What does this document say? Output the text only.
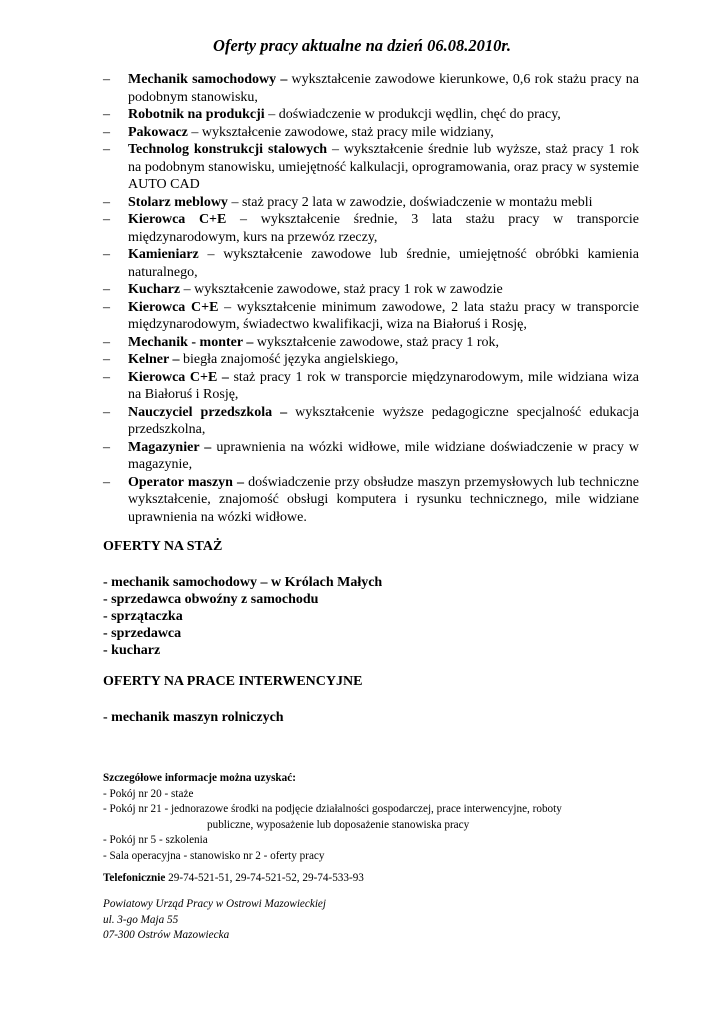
Oferty pracy aktualne na dzień 06.08.2010r.
– Mechanik samochodowy – wykształcenie zawodowe kierunkowe, 0,6 rok stażu pracy na podobnym stanowisku,
– Robotnik na produkcji – doświadczenie w produkcji wędlin, chęć do pracy,
– Pakowacz – wykształcenie zawodowe, staż pracy mile widziany,
– Technolog konstrukcji stalowych – wykształcenie średnie lub wyższe, staż pracy 1 rok na podobnym stanowisku, umiejętność kalkulacji, oprogramowania, oraz pracy w systemie AUTO CAD
– Stolarz meblowy – staż pracy 2 lata w zawodzie, doświadczenie w montażu mebli
– Kierowca C+E – wykształcenie średnie, 3 lata stażu pracy w transporcie międzynarodowym, kurs na przewóz rzeczy,
– Kamieniarz – wykształcenie zawodowe lub średnie, umiejętność obróbki kamienia naturalnego,
– Kucharz – wykształcenie zawodowe, staż pracy 1 rok w zawodzie
– Kierowca C+E – wykształcenie minimum zawodowe, 2 lata stażu pracy w transporcie międzynarodowym, świadectwo kwalifikacji, wiza na Białoruś i Rosję,
– Mechanik - monter – wykształcenie zawodowe, staż pracy 1 rok,
– Kelner – biegła znajomość języka angielskiego,
– Kierowca C+E – staż pracy 1 rok w transporcie międzynarodowym, mile widziana wiza na Białoruś i Rosję,
– Nauczyciel przedszkola – wykształcenie wyższe pedagogiczne specjalność edukacja przedszkolna,
– Magazynier – uprawnienia na wózki widłowe, mile widziane doświadczenie w pracy w magazynie,
– Operator maszyn – doświadczenie przy obsłudze maszyn przemysłowych lub techniczne wykształcenie, znajomość obsługi komputera i rysunku technicznego, mile widziane uprawnienia na wózki widłowe.

OFERTY NA STAŻ

- mechanik samochodowy – w Królach Małych
- sprzedawca obwoźny z samochodu
- sprzątaczka
- sprzedawca
- kucharz

OFERTY NA PRACE INTERWENCYJNE

- mechanik maszyn rolniczych
Szczegółowe informacje można uzyskać:
- Pokój nr 20 - staże
- Pokój nr 21 - jednorazowe środki na podjęcie działalności gospodarczej, prace interwencyjne, roboty
publiczne, wyposażenie lub doposażenie stanowiska pracy
- Pokój nr 5 - szkolenia
- Sala operacyjna - stanowisko nr 2 - oferty pracy
Telefonicznie 29-74-521-51, 29-74-521-52, 29-74-533-93
Powiatowy Urząd Pracy w Ostrowi Mazowieckiej
ul. 3-go Maja 55
07-300 Ostrów Mazowiecka
